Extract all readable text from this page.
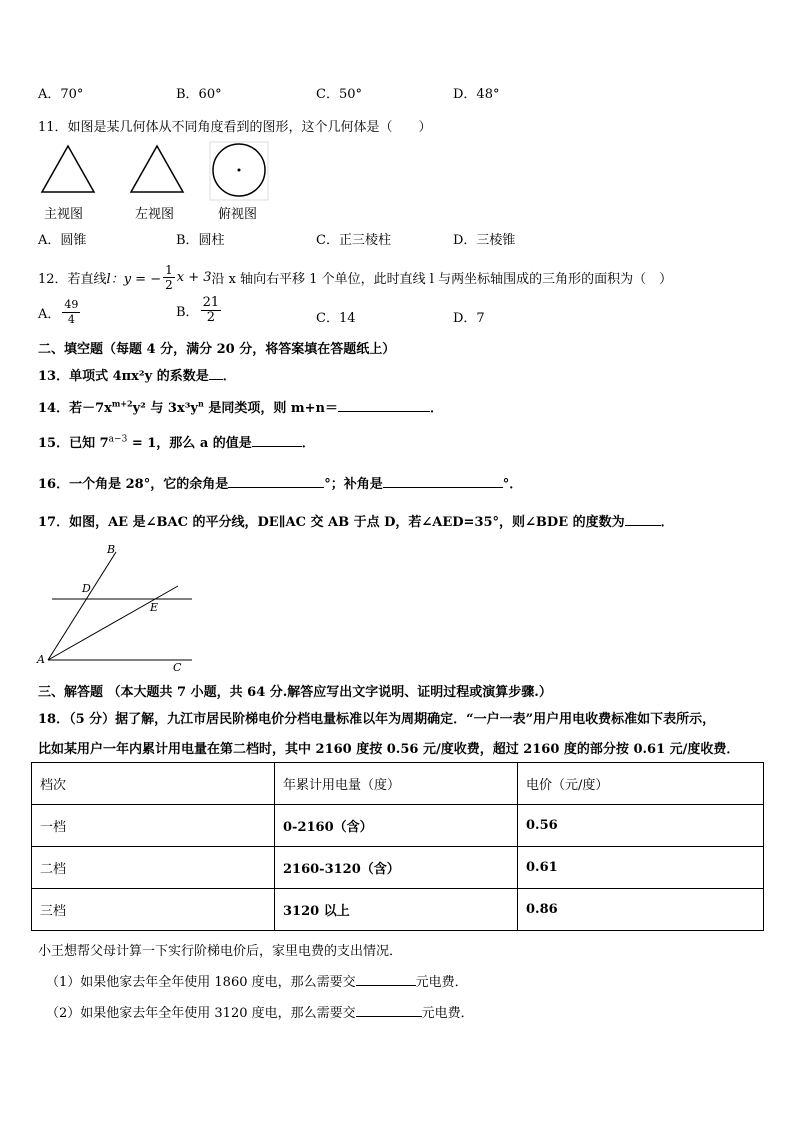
A．70°	B．60°	C．50°	D．48°
11．如图是某几何体从不同角度看到的图形，这个几何体是（　　）
主视图	左视图	俯视图
A．圆锥	B．圆柱	C．正三棱柱	D．三棱锥
12．若直线 l：y = − $\frac{1}{2}$ x + 3 沿 x 轴向右平移 1 个单位，此时直线 l 与两坐标轴围成的三角形的面积为（　）
A． $\frac{49}{4}$	B． $\frac{21}{2}$	C．14	D．7
二、填空题（每题 4 分，满分 20 分，将答案填在答题纸上）
13．单项式 4πx²y 的系数是 ．
14．若$-7x^{m+2}y^2$ 与 $3x^3y^n$ 是同类项，则 m+n＝	．
15．已知 $7^{a-3} = 1$，那么 a 的值是	．
16．一个角是 28°，它的余角是	°；补角是	°．
17．如图，AE 是∠BAC 的平分线，DE∥AC 交 AB 于点 D，若∠AED=35°，则∠BDE 的度数为	．
B
D
E
A
C
三、解答题 （本大题共 7 小题，共 64 分.解答应写出文字说明、证明过程或演算步骤.）
18．（5 分）据了解，九江市居民阶梯电价分档电量标准以年为周期确定．“一户一表”用户用电收费标准如下表所示，
比如某用户一年内累计用电量在第二档时，其中 2160 度按 0.56 元/度收费，超过 2160 度的部分按 0.61 元/度收费．
档次	年累计用电量（度）	电价（元/度）
一档	0-2160（含）	0.56
二档	2160-3120（含）	0.61
三档	3120 以上	0.86
小王想帮父母计算一下实行阶梯电价后，家里电费的支出情况．
（1）如果他家去年全年使用 1860 度电，那么需要交	元电费．
（2）如果他家去年全年使用 3120 度电，那么需要交	元电费．
